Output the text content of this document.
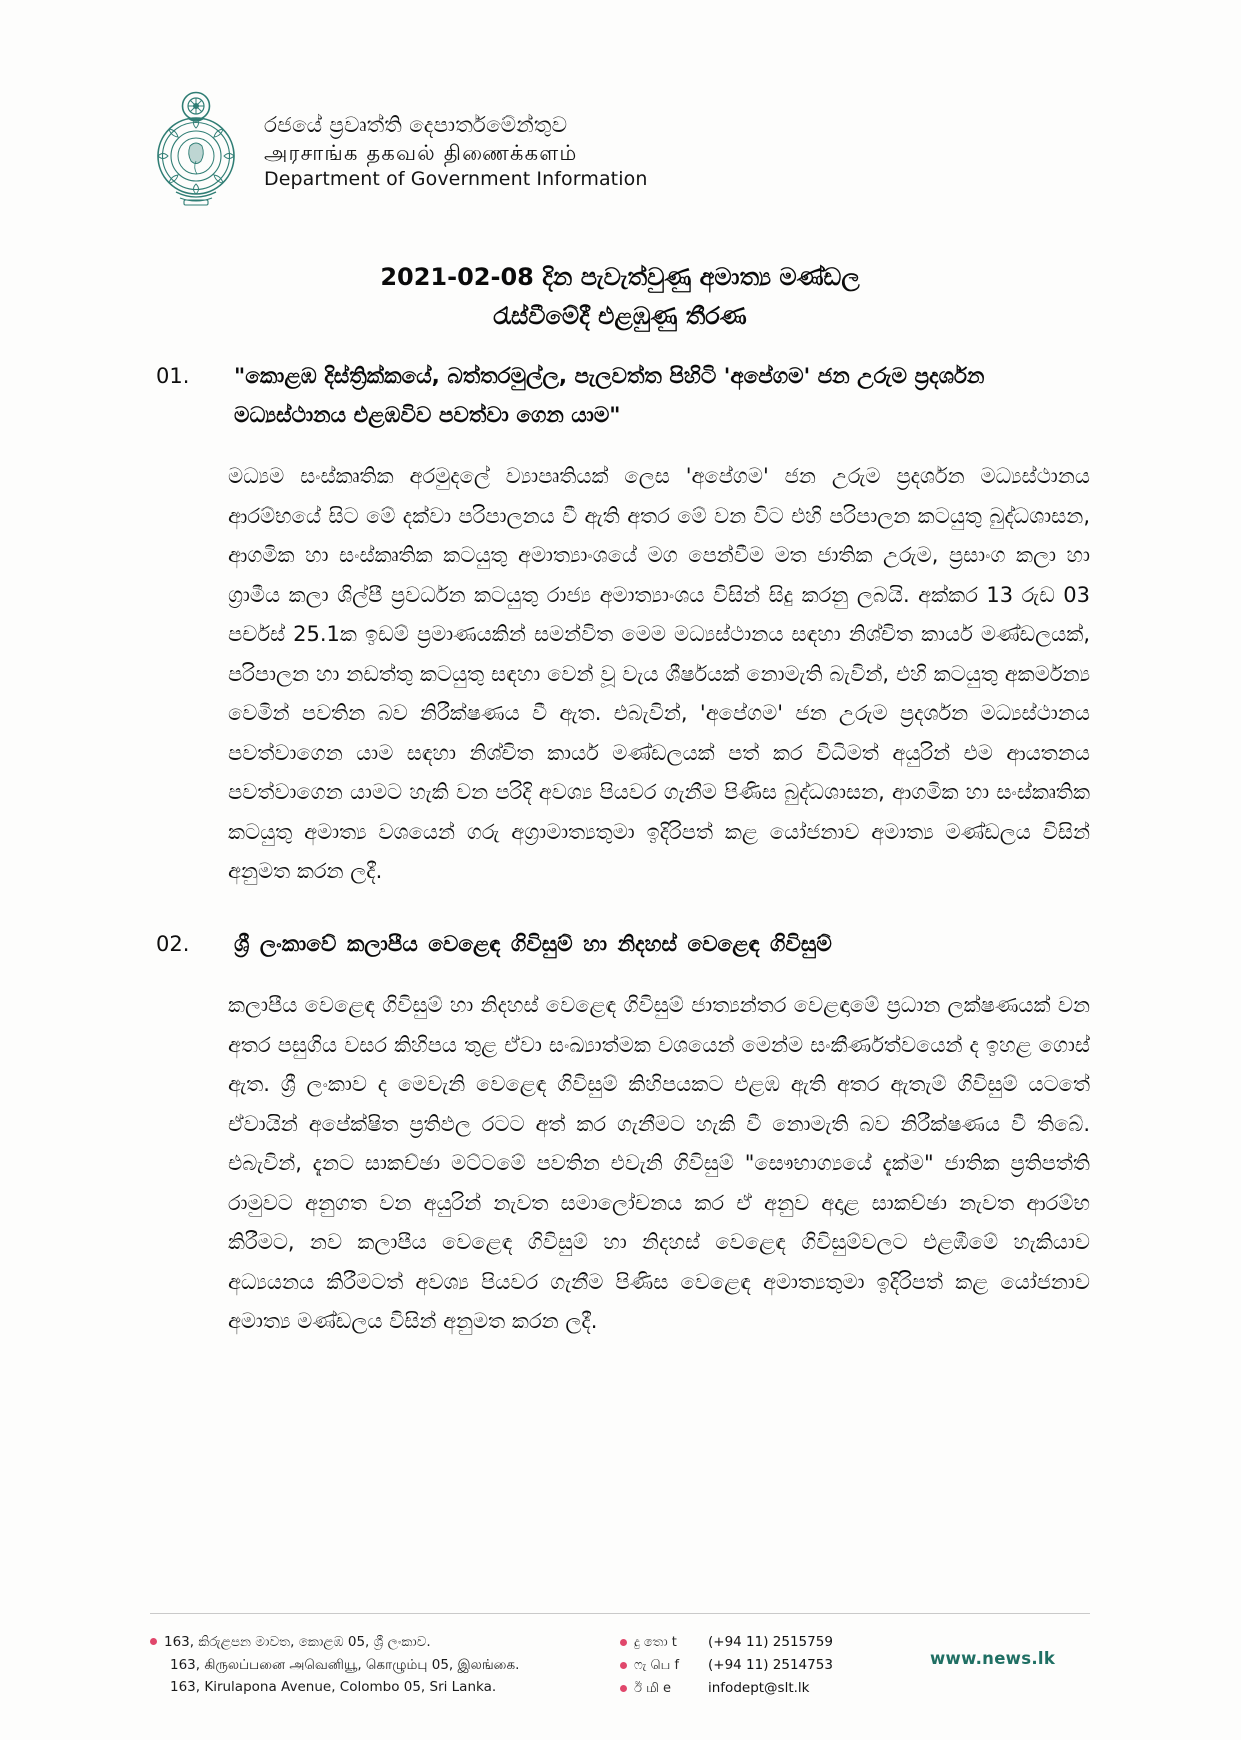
රජයේ ප්‍රවෘත්ති දෙපාර්තමේන්තුව
அரசாங்க தகவல் திணைக்களம்
Department of Government Information
2021-02-08 දින පැවැත්වුණු අමාත්‍ය මණ්ඩල
රැස්වීමේදී එළඹුණු තීරණ
01.	"කොළඹ දිස්ත්‍රික්කයේ, බත්තරමුල්ල, පැලවත්ත පිහිටි 'අපේගම' ජන උරුම ප්‍රදර්ශන මධ්‍යස්ථානය එළඹවිව පවත්වා ගෙන යාම"
මධ්‍යම සංස්කෘතික අරමුදලේ ව්‍යාපෘතියක් ලෙස 'අපේගම' ජන උරුම ප්‍රදර්ශන මධ්‍යස්ථානය ආරම්භයේ සිට මේ දක්වා පරිපාලනය වී ඇති අතර මේ වන විට එහි පරිපාලන කටයුතු බුද්ධශාසන, ආගමික හා සංස්කෘතික කටයුතු අමාත්‍යාංශයේ මග පෙන්වීම මත ජාතික උරුම, ප්‍රසාංග කලා හා ග්‍රාමීය කලා ශිල්පී ප්‍රවර්ධන කටයුතු රාජ්‍ය අමාත්‍යාංශය විසින් සිදු කරනු ලබයි. අක්කර 13 රුඩ 03 පර්චස් 25.1ක ඉඩම් ප්‍රමාණයකින් සමන්විත මෙම මධ්‍යස්ථානය සඳහා නිශ්චිත කාර්ය මණ්ඩලයක්, පරිපාලන හා නඩත්තු කටයුතු සඳහා වෙන් වූ වැය ශීර්ෂයක් නොමැති බැවින්, එහි කටයුතු අකර්මන්‍ය වෙමින් පවතින බව නිරීක්ෂණය වී ඇත. එබැවින්, 'අපේගම' ජන උරුම ප්‍රදර්ශන මධ්‍යස්ථානය පවත්වාගෙන යාම සඳහා නිශ්චිත කාර්ය මණ්ඩලයක් පත් කර විධිමත් අයුරින් එම ආයතනය පවත්වාගෙන යාමට හැකි වන පරිදි අවශ්‍ය පියවර ගැනීම පිණිස බුද්ධශාසන, ආගමික හා සංස්කෘතික කටයුතු අමාත්‍ය වශයෙන් ගරු අග්‍රාමාත්‍යතුමා ඉදිරිපත් කළ යෝජනාව අමාත්‍ය මණ්ඩලය විසින් අනුමත කරන ලදී.
02.	ශ්‍රී ලංකාවේ කලාපීය වෙළෙඳ ගිවිසුම් හා නිදහස් වෙළෙඳ ගිවිසුම්
කලාපීය වෙළෙඳ ගිවිසුම් හා නිදහස් වෙළෙඳ ගිවිසුම් ජාත්‍යන්තර වෙළඳාමේ ප්‍රධාන ලක්ෂණයක් වන අතර පසුගිය වසර කිහිපය තුළ ඒවා සංඛ්‍යාත්මක වශයෙන් මෙන්ම සංකීර්ණත්වයෙන් ද ඉහළ ගොස් ඇත. ශ්‍රී ලංකාව ද මෙවැනි වෙළෙඳ ගිවිසුම් කිහිපයකට එළඹ ඇති අතර ඇතැම් ගිවිසුම් යටතේ ඒවායින් අපේක්ෂිත ප්‍රතිඵල රටට අත් කර ගැනීමට හැකි වී නොමැති බව නිරීක්ෂණය වී තිබේ. එබැවින්, දැනට සාකච්ඡා මට්ටමේ පවතින එවැනි ගිවිසුම් "සෞභාග්‍යයේ දැක්ම" ජාතික ප්‍රතිපත්ති රාමුවට අනුගත වන අයුරින් නැවත සමාලෝචනය කර ඒ අනුව අදාළ සාකච්ඡා නැවත ආරම්භ කිරීමට, නව කලාපීය වෙළෙඳ ගිවිසුම් හා නිදහස් වෙළෙඳ ගිවිසුම්වලට එළඹීමේ හැකියාව අධ්‍යයනය කිරීමටත් අවශ්‍ය පියවර ගැනීම පිණිස වෙළෙඳ අමාත්‍යතුමා ඉදිරිපත් කළ යෝජනාව අමාත්‍ය මණ්ඩලය විසින් අනුමත කරන ලදී.
163, කිරුළපන මාවත, කොළඹ 05, ශ්‍රී ලංකාව.
163, கிருலப்பனை அவெனியூ, கொழும்பு 05, இலங்கை.
163, Kirulapona Avenue, Colombo 05, Sri Lanka.
දු තො t	(+94 11) 2515759
ෆැ பெ f	(+94 11) 2514753
ඊ மி e	infodept@slt.lk
www.news.lk
